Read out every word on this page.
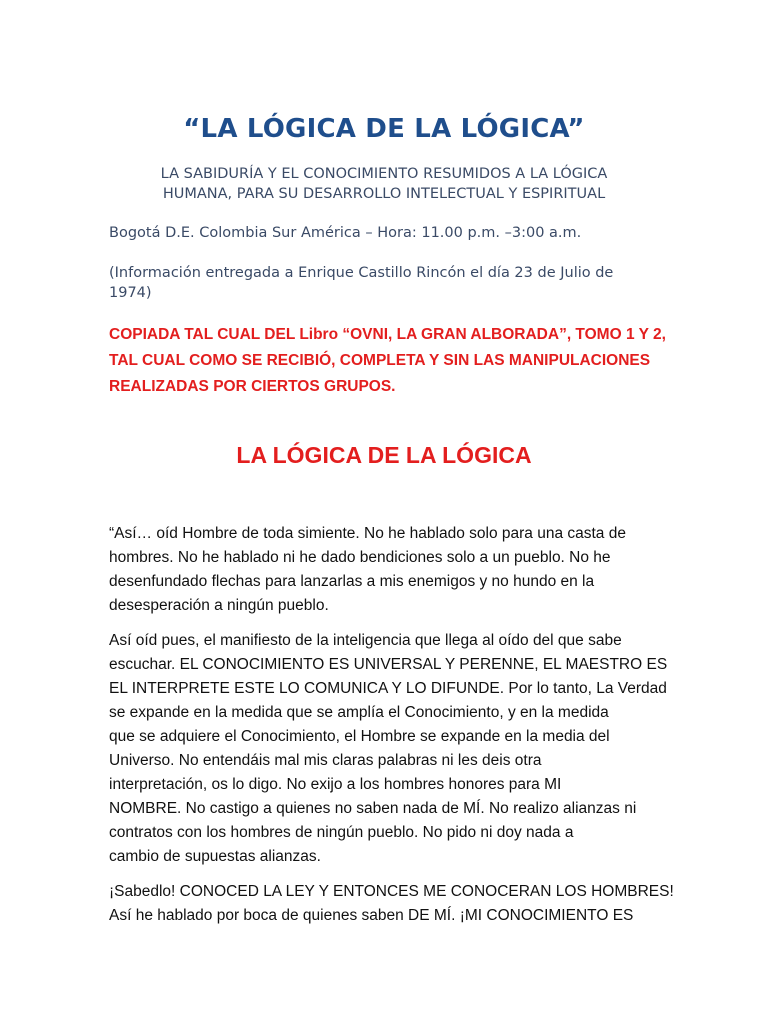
“LA LÓGICA DE LA LÓGICA”

LA SABIDURÍA Y EL CONOCIMIENTO RESUMIDOS A LA LÓGICA
HUMANA, PARA SU DESARROLLO INTELECTUAL Y ESPIRITUAL

Bogotá D.E. Colombia Sur América – Hora: 11.00 p.m. –3:00 a.m.

(Información entregada a Enrique Castillo Rincón el día 23 de Julio de
1974)

COPIADA TAL CUAL DEL Libro “OVNI, LA GRAN ALBORADA”, TOMO 1 Y 2,
TAL CUAL COMO SE RECIBIÓ, COMPLETA Y SIN LAS MANIPULACIONES
REALIZADAS POR CIERTOS GRUPOS.

LA LÓGICA DE LA LÓGICA

“Así… oíd Hombre de toda simiente. No he hablado solo para una casta de
hombres. No he hablado ni he dado bendiciones solo a un pueblo. No he
desenfundado flechas para lanzarlas a mis enemigos y no hundo en la
desesperación a ningún pueblo.

Así oíd pues, el manifiesto de la inteligencia que llega al oído del que sabe
escuchar. EL CONOCIMIENTO ES UNIVERSAL Y PERENNE, EL MAESTRO ES
EL INTERPRETE ESTE LO COMUNICA Y LO DIFUNDE. Por lo tanto, La Verdad
se expande en la medida que se amplía el Conocimiento, y en la medida
que se adquiere el Conocimiento, el Hombre se expande en la media del
Universo. No entendáis mal mis claras palabras ni les deis otra
interpretación, os lo digo. No exijo a los hombres honores para MI
NOMBRE. No castigo a quienes no saben nada de MÍ. No realizo alianzas ni
contratos con los hombres de ningún pueblo. No pido ni doy nada a
cambio de supuestas alianzas.

¡Sabedlo! CONOCED LA LEY Y ENTONCES ME CONOCERAN LOS HOMBRES!
Así he hablado por boca de quienes saben DE MÍ. ¡MI CONOCIMIENTO ES
